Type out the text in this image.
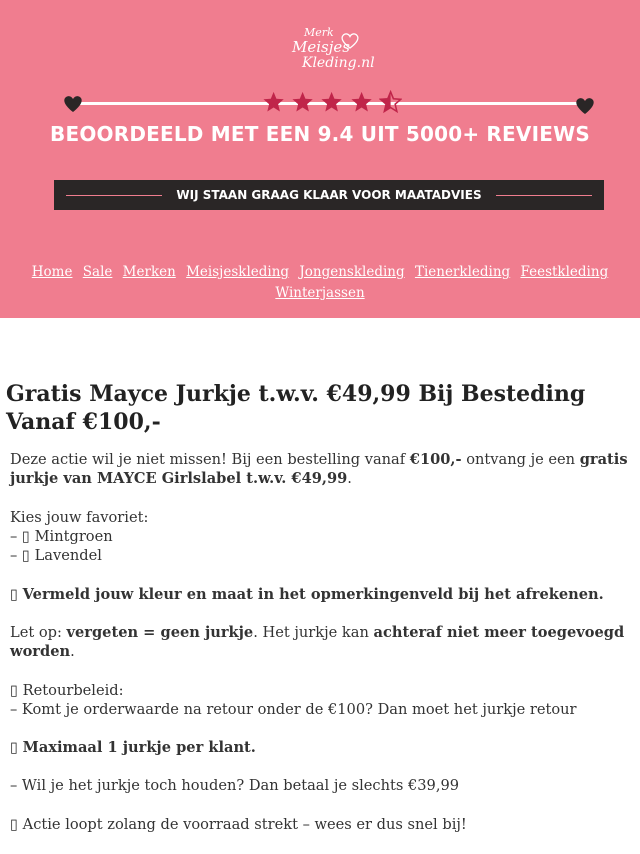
Merk
Meisjes
Kleding.nl
BEOORDEELD MET EEN 9.4 UIT 5000+ REVIEWS
WIJ STAAN GRAAG KLAAR VOOR MAATADVIES
Home Sale Merken Meisjeskleding Jongenskleding Tienerkleding Feestkleding
Winterjassen
Gratis Mayce Jurkje t.w.v. €49,99 Bij Besteding Vanaf €100,-

Deze actie wil je niet missen! Bij een bestelling vanaf €100,- ontvang je een gratis jurkje van MAYCE Girlslabel t.w.v. €49,99.

Kies jouw favoriet:

– ▯ Mintgroen

– ▯ Lavendel

▯ Vermeld jouw kleur en maat in het opmerkingenveld bij het afrekenen.

Let op: vergeten = geen jurkje. Het jurkje kan achteraf niet meer toegevoegd worden.

▯ Retourbeleid:

– Komt je orderwaarde na retour onder de €100? Dan moet het jurkje retour

▯ Maximaal 1 jurkje per klant.

– Wil je het jurkje toch houden? Dan betaal je slechts €39,99

▯ Actie loopt zolang de voorraad strekt – wees er dus snel bij!
